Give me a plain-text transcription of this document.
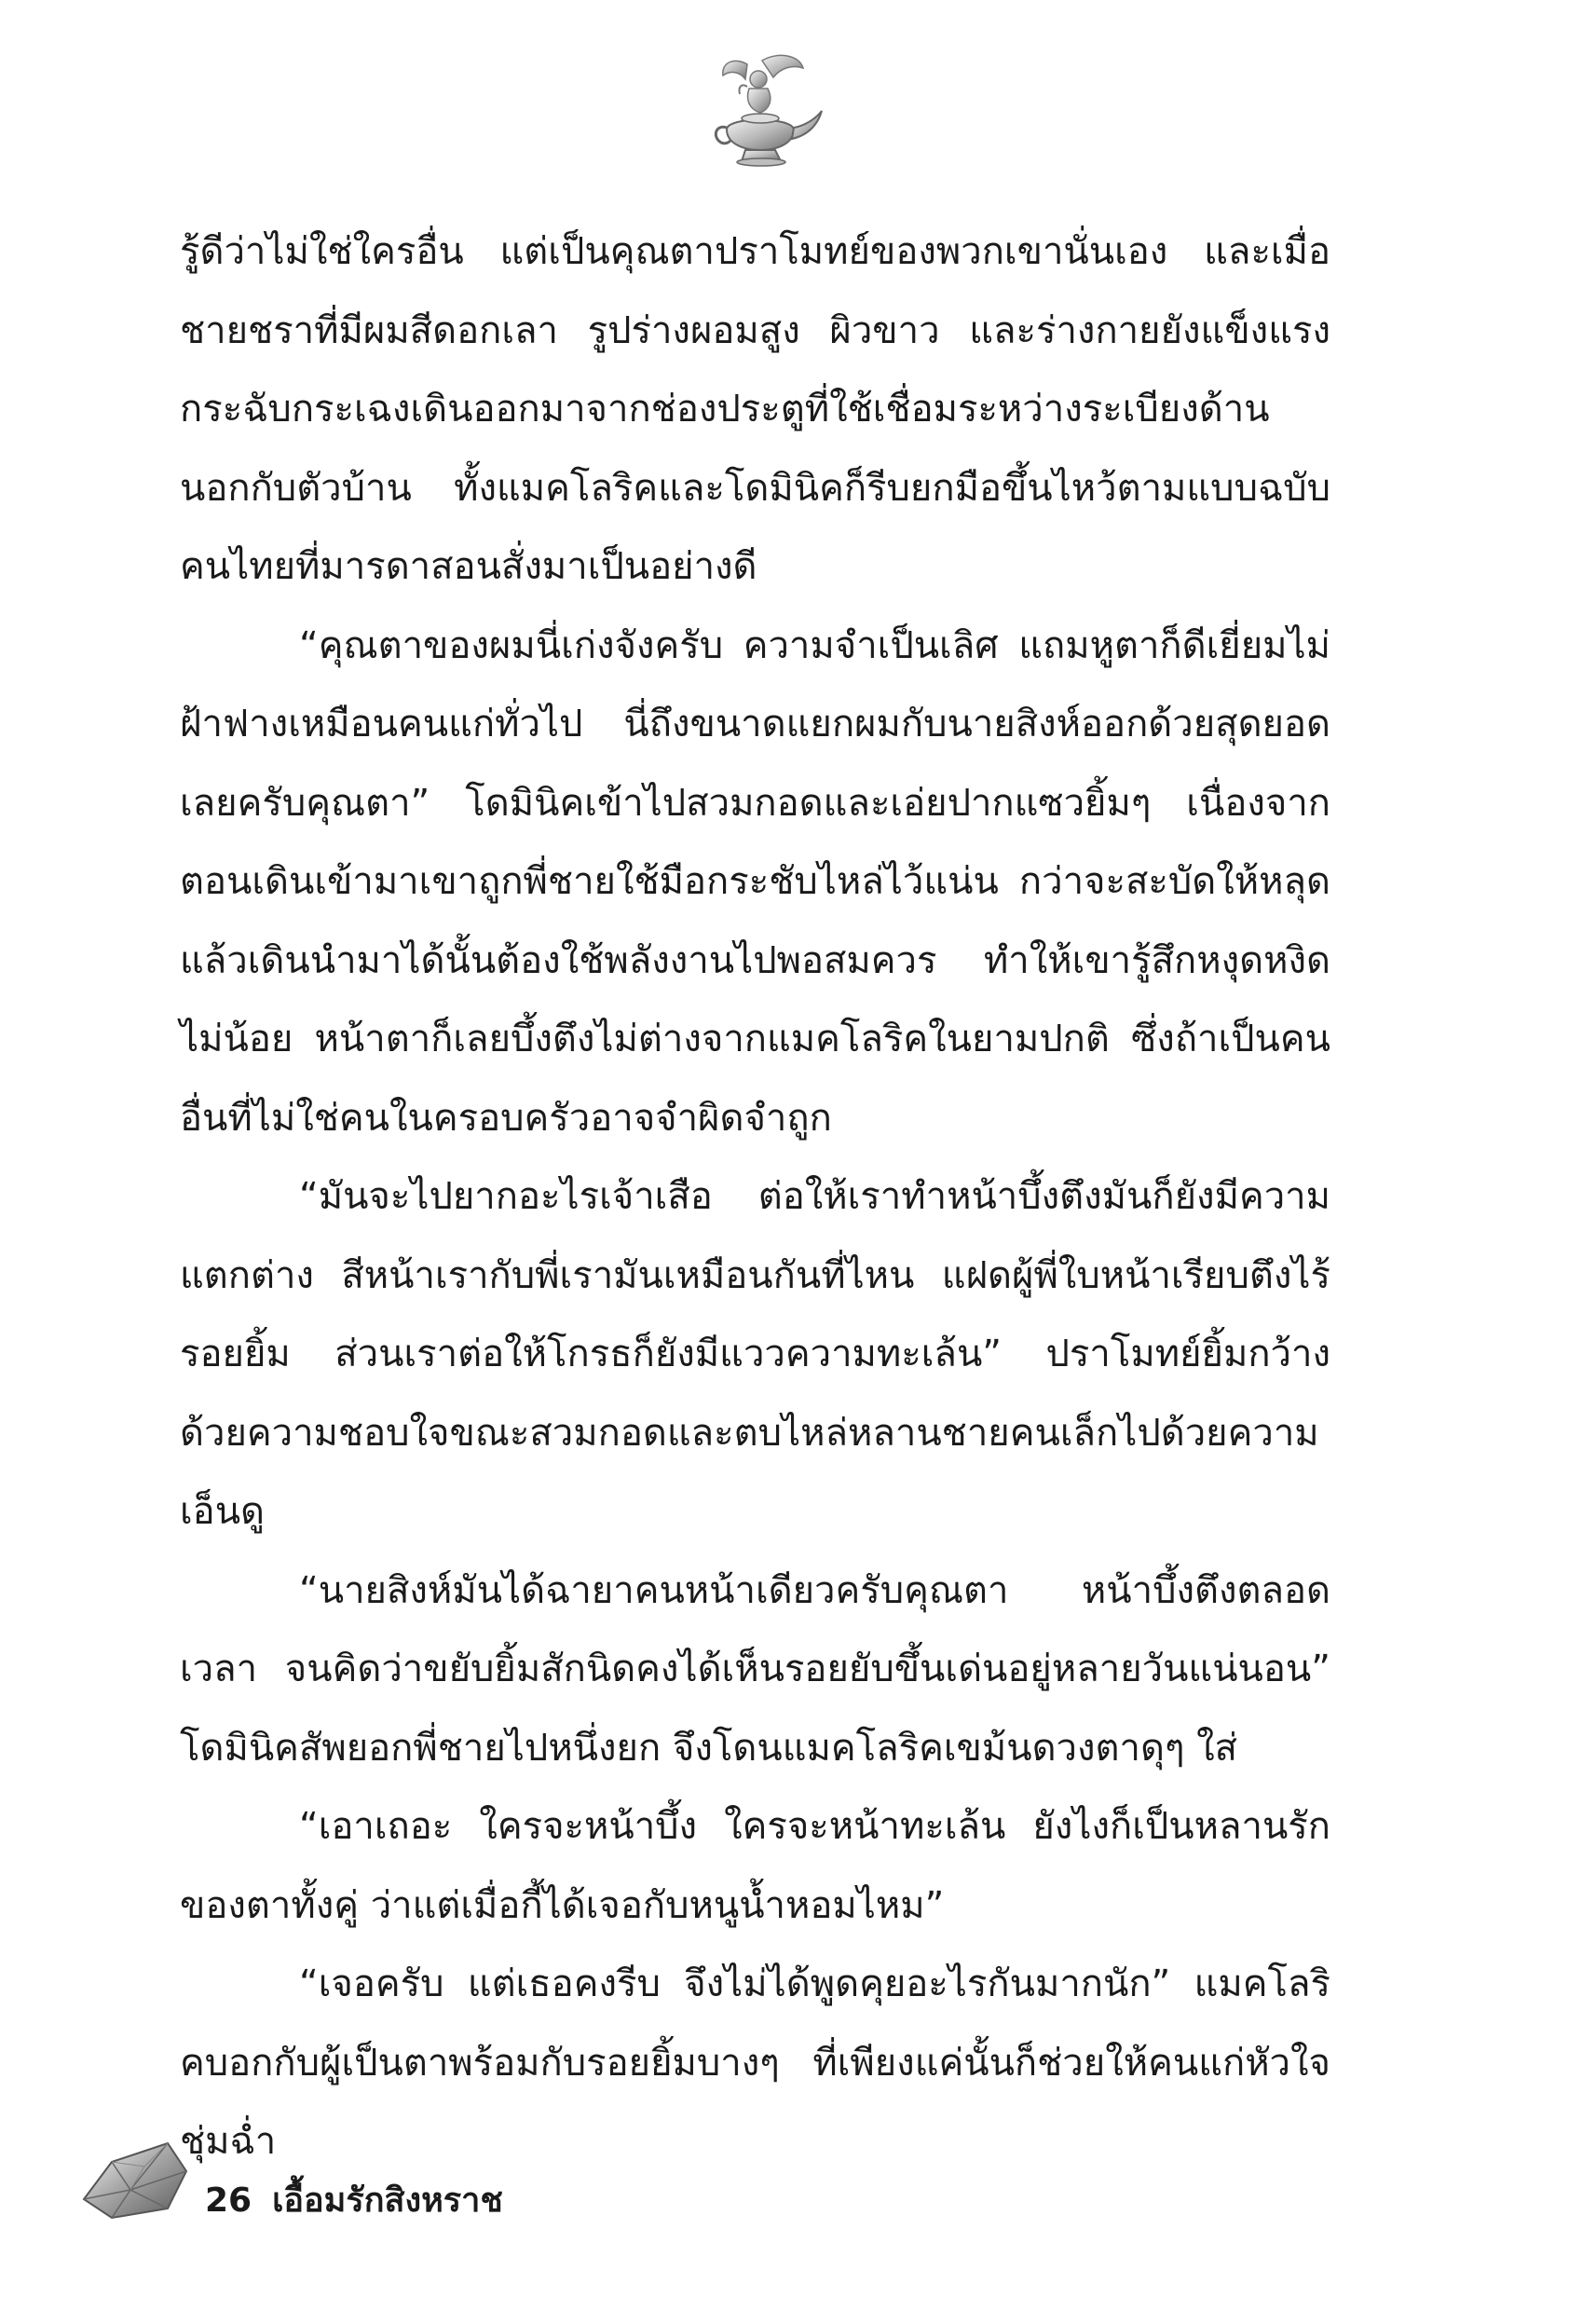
รู้ดีว่าไม่ใช่ใครอื่น แต่เป็นคุณตาปราโมทย์ของพวกเขานั่นเอง และเมื่อชายชราที่มีผมสีดอกเลา รูปร่างผอมสูง ผิวขาว และร่างกายยังแข็งแรงกระฉับกระเฉงเดินออกมาจากช่องประตูที่ใช้เชื่อมระหว่างระเบียงด้านนอกกับตัวบ้าน ทั้งแมคโลริคและโดมินิคก็รีบยกมือขึ้นไหว้ตามแบบฉบับคนไทยที่มารดาสอนสั่งมาเป็นอย่างดี

“คุณตาของผมนี่เก่งจังครับ ความจำเป็นเลิศ แถมหูตาก็ดีเยี่ยมไม่ฝ้าฟางเหมือนคนแก่ทั่วไป นี่ถึงขนาดแยกผมกับนายสิงห์ออกด้วยสุดยอดเลยครับคุณตา” โดมินิคเข้าไปสวมกอดและเอ่ยปากแซวยิ้มๆ เนื่องจากตอนเดินเข้ามาเขาถูกพี่ชายใช้มือกระชับไหล่ไว้แน่น กว่าจะสะบัดให้หลุดแล้วเดินนำมาได้นั้นต้องใช้พลังงานไปพอสมควร ทำให้เขารู้สึกหงุดหงิดไม่น้อย หน้าตาก็เลยบึ้งตึงไม่ต่างจากแมคโลริคในยามปกติ ซึ่งถ้าเป็นคนอื่นที่ไม่ใช่คนในครอบครัวอาจจำผิดจำถูก

“มันจะไปยากอะไรเจ้าเสือ ต่อให้เราทำหน้าบึ้งตึงมันก็ยังมีความแตกต่าง สีหน้าเรากับพี่เรามันเหมือนกันที่ไหน แฝดผู้พี่ใบหน้าเรียบตึงไร้รอยยิ้ม ส่วนเราต่อให้โกรธก็ยังมีแววความทะเล้น” ปราโมทย์ยิ้มกว้างด้วยความชอบใจขณะสวมกอดและตบไหล่หลานชายคนเล็กไปด้วยความเอ็นดู

“นายสิงห์มันได้ฉายาคนหน้าเดียวครับคุณตา หน้าบึ้งตึงตลอดเวลา จนคิดว่าขยับยิ้มสักนิดคงได้เห็นรอยยับขึ้นเด่นอยู่หลายวันแน่นอน” โดมินิคสัพยอกพี่ชายไปหนึ่งยก จึงโดนแมคโลริคเขม้นดวงตาดุๆ ใส่

“เอาเถอะ ใครจะหน้าบึ้ง ใครจะหน้าทะเล้น ยังไงก็เป็นหลานรักของตาทั้งคู่ ว่าแต่เมื่อกี้ได้เจอกับหนูน้ำหอมไหม”

“เจอครับ แต่เธอคงรีบ จึงไม่ได้พูดคุยอะไรกันมากนัก” แมคโลริคบอกกับผู้เป็นตาพร้อมกับรอยยิ้มบางๆ ที่เพียงแค่นั้นก็ช่วยให้คนแก่หัวใจชุ่มฉ่ำ

26 เอื้อมรักสิงหราช
